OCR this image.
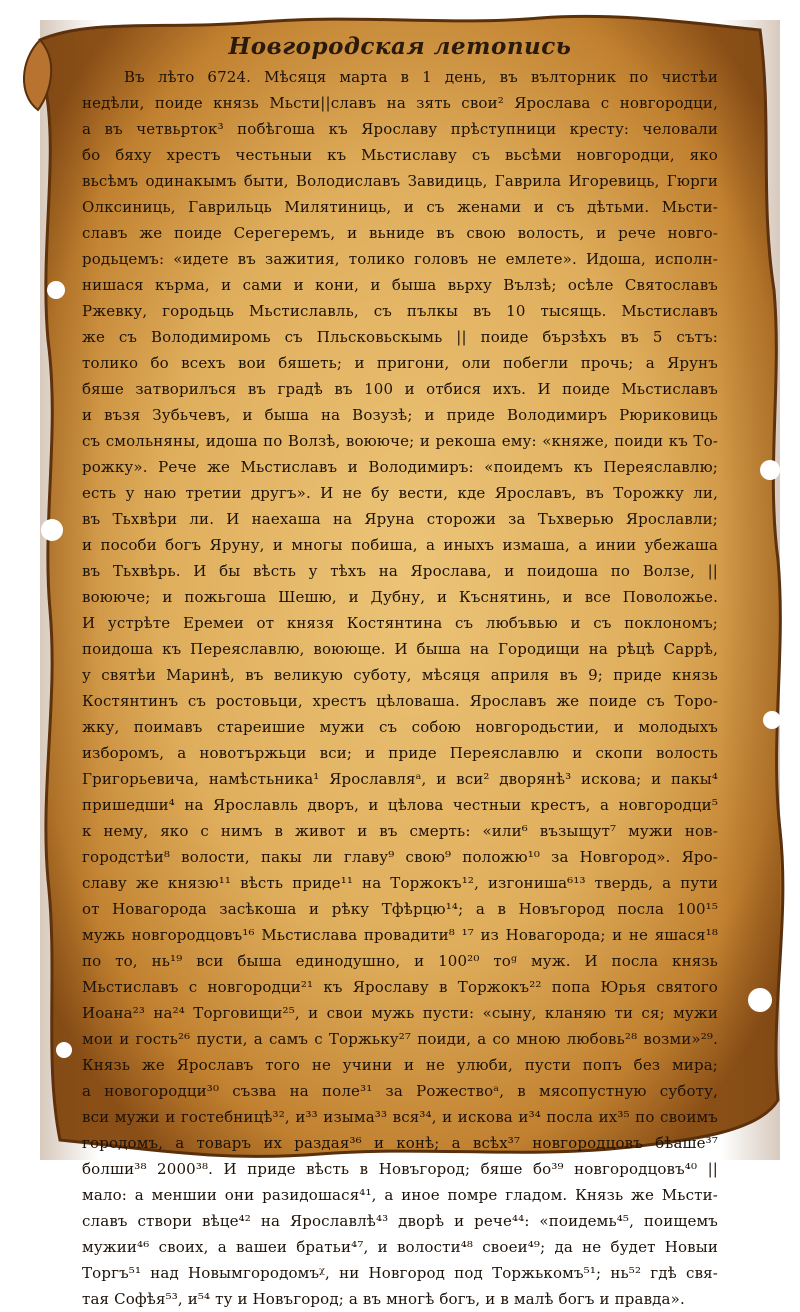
Новгородская летопись
Въ лѣто 6724. Мѣсяця марта в 1 день, въ вълторник по чистѣи
недѣли, поиде князь Мьсти||славъ на зять свои² Ярослава с новгородци,
а въ четвьрток³ побѣгоша къ Ярославу прѣступници кресту: человали
бо бяху хрестъ честьныи къ Мьстиславу съ вьсѣми новгородци, яко
вьсѣмъ одинакымъ быти, Володиславъ Завидиць, Гаврила Игоревиць, Гюрги
Олксиниць, Гаврильць Милятиниць, и съ женами и съ дѣтьми. Мьсти-
славъ же поиде Серегеремъ, и вьниде въ свою волость, и рече новго-
родьцемъ: «идете въ зажития, толико головъ не емлете». Идоша, исполн-
нишася кърма, и сами и кони, и быша вьрху Вълзѣ; осѣле Святославъ
Ржевку, городьць Мьстиславль, съ пълкы въ 10 тысящь. Мьстиславъ
же съ Володимиромь съ Пльсковьскымь || поиде бързѣхъ въ 5 сътъ:
толико бо всехъ вои бяшеть; и пригони, оли побегли прочь; а Ярунъ
бяше затворилъся въ градѣ въ 100 и отбися ихъ. И поиде Мьстиславъ
и възя Зубьчевъ, и быша на Возузѣ; и приде Володимиръ Рюриковиць
съ смольняны, идоша по Волзѣ, воююче; и рекоша ему: «княже, поиди къ То-
рожку». Рече же Мьстиславъ и Володимиръ: «поидемъ къ Переяславлю;
есть у наю третии другъ». И не бу вести, кде Ярославъ, въ Торожку ли,
въ Тьхвѣри ли. И наехаша на Яруна сторожи за Тьхверью Ярославли;
и пособи богъ Яруну, и многы побиша, а иныхъ измаша, а инии убежаша
въ Тьхвѣрь. И бы вѣсть у тѣхъ на Ярослава, и поидоша по Волзе, ||
воююче; и пожьгоша Шешю, и Дубну, и Къснятинь, и все Поволожье.
И устрѣте Еремеи от князя Костянтина съ любъвью и съ поклономъ;
поидоша къ Переяславлю, воююще. И быша на Городищи на рѣцѣ Саррѣ,
у святѣи Маринѣ, въ великую суботу, мѣсяця априля въ 9; приде князь
Костянтинъ съ ростовьци, хрестъ цѣловаша. Ярославъ же поиде съ Торо-
жку, поимавъ стареишие мужи съ собою новгородьстии, и молодыхъ
изборомъ, а новотържьци вси; и приде Переяславлю и скопи волость
Григорьевича, намѣстьника¹ Ярославляᵃ, и вси² дворянѣ³ искова; и пакы⁴
пришедши⁴ на Ярославль дворъ, и цѣлова честныи крестъ, а новгородци⁵
к нему, яко с нимъ в живот и въ смерть: «или⁶ възыщут⁷ мужи нов-
городстѣи⁸ волости, пакы ли главу⁹ свою⁹ положю¹⁰ за Новгород». Яро-
славу же князю¹¹ вѣсть приде¹¹ на Торжокъ¹², изгониша⁶¹³ твердь, а пути
от Новагорода засѣкоша и рѣку Тфѣрцю¹⁴; а в Новъгород посла 100¹⁵
мужь новгородцовъ¹⁶ Мьстислава провадити⁸ ¹⁷ из Новагорода; и не яшася¹⁸
по то, нь¹⁹ вси быша единодушно, и 100²⁰ тоᵍ муж. И посла князь
Мьстиславъ с новгородци²¹ къ Ярославу в Торжокъ²² попа Юрья святого
Иоана²³ на²⁴ Торговищи²⁵, и свои мужь пусти: «сыну, кланяю ти ся; мужи
мои и гость²⁶ пусти, а самъ с Торжьку²⁷ поиди, а со мною любовь²⁸ возми»²⁹.
Князь же Ярославъ того не учини и не улюби, пусти попъ без мира;
а новогородци³⁰ съзва на поле³¹ за Рожествоᵃ, в мясопустную суботу,
вси мужи и гостебницѣ³², и³³ изыма³³ вся³⁴, и искова и³⁴ посла их³⁵ по своимъ
городомъ, а товаръ их раздая³⁶ и конѣ; а всѣх³⁷ новгородцовъ бѣаше³⁷
болши³⁸ 2000³⁸. И приде вѣсть в Новъгород; бяше бо³⁹ новгородцовъ⁴⁰ ||
мало: а меншии они разидошася⁴¹, а иное помре гладом. Князь же Мьсти-
славъ створи вѣце⁴² на Ярославлѣ⁴³ дворѣ и рече⁴⁴: «поидемь⁴⁵, поищемъ
мужии⁴⁶ своих, а вашеи братьи⁴⁷, и волости⁴⁸ своеи⁴⁹; да не будет Новыи
Торгъ⁵¹ над Новымгородомъᵡ, ни Новгород под Торжькомъ⁵¹; нь⁵² гдѣ свя-
тая Софѣя⁵³, и⁵⁴ ту и Новъгород; а въ многѣ богъ, и в малѣ богъ и правда».
